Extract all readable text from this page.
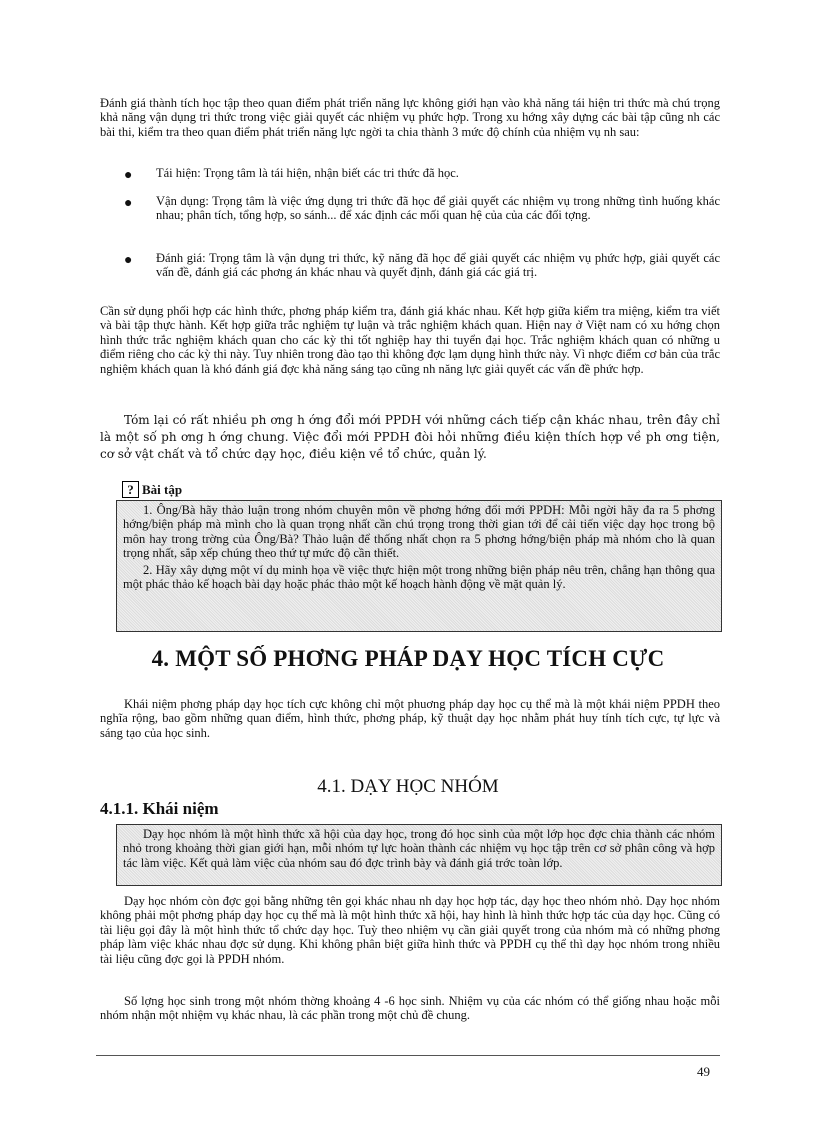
Đánh giá thành tích học tập theo quan điểm phát triển năng lực không giới hạn vào khả năng tái hiện tri thức mà chú trọng khả năng vận dụng tri thức trong việc giải quyết các nhiệm vụ phức hợp. Trong xu hớng xây dựng các bài tập cũng nh các bài thi, kiểm tra theo quan điểm phát triển năng lực ngời ta chia thành 3 mức độ chính của nhiệm vụ nh sau:

● Tái hiện: Trọng tâm là tái hiện, nhận biết các tri thức đã học.
● Vận dụng: Trọng tâm là việc ứng dụng tri thức đã học để giải quyết các nhiệm vụ trong những tình huống khác nhau; phân tích, tổng hợp, so sánh... để xác định các mối quan hệ của của các đối tợng.
● Đánh giá: Trọng tâm là vận dụng tri thức, kỹ năng đã học để giải quyết các nhiệm vụ phức hợp, giải quyết các vấn đề, đánh giá các phơng án khác nhau và quyết định, đánh giá các giá trị.

Cần sử dụng phối hợp các hình thức, phơng pháp kiểm tra, đánh giá khác nhau. Kết hợp giữa kiểm tra miệng, kiểm tra viết và bài tập thực hành. Kết hợp giữa trắc nghiệm tự luận và trắc nghiệm khách quan. Hiện nay ở Việt nam có xu hớng chọn hình thức trắc nghiệm khách quan cho các kỳ thi tốt nghiệp hay thi tuyển đại học. Trắc nghiệm khách quan có những u điểm riêng cho các kỳ thi này. Tuy nhiên trong đào tạo thì không đợc lạm dụng hình thức này. Vì nhợc điểm cơ bản của trắc nghiệm khách quan là khó đánh giá đợc khả năng sáng tạo cũng nh năng lực giải quyết các vấn đề phức hợp.

Tóm lại có rất nhiều ph ơng h ớng đổi mới PPDH với những cách tiếp cận khác nhau, trên đây chỉ là một số ph ơng h ớng chung. Việc đổi mới PPDH đòi hỏi những điều kiện thích hợp về ph ơng tiện, cơ sở vật chất và tổ chức dạy học, điều kiện về tổ chức, quản lý.

? Bài tập

1. Ông/Bà hãy thảo luận trong nhóm chuyên môn về phơng hớng đổi mới PPDH: Mỗi ngời hãy đa ra 5 phơng hớng/biện pháp mà mình cho là quan trọng nhất cần chú trọng trong thời gian tới để cải tiến việc dạy học trong bộ môn hay trong trờng của Ông/Bà? Thảo luận để thống nhất chọn ra 5 phơng hớng/biện pháp mà nhóm cho là quan trọng nhất, sắp xếp chúng theo thứ tự mức độ cần thiết.

2. Hãy xây dựng một ví dụ minh họa về việc thực hiện một trong những biện pháp nêu trên, chẳng hạn thông qua một phác thảo kế hoạch bài dạy hoặc phác thảo một kế hoạch hành động về mặt quản lý.

4. MỘT SỐ PHƠNG PHÁP DẠY HỌC TÍCH CỰC

Khái niệm phơng pháp dạy học tích cực không chỉ một phuơng pháp dạy học cụ thể mà là một khái niệm PPDH theo nghĩa rộng, bao gồm những quan điểm, hình thức, phơng pháp, kỹ thuật dạy học nhằm phát huy tính tích cực, tự lực và sáng tạo của học sinh.

4.1. DẠY HỌC NHÓM
4.1.1. Khái niệm

Dạy học nhóm là một hình thức xã hội của dạy học, trong đó học sinh của một lớp học đợc chia thành các nhóm nhỏ trong khoảng thời gian giới hạn, mỗi nhóm tự lực hoàn thành các nhiệm vụ học tập trên cơ sở phân công và hợp tác làm việc. Kết quả làm việc của nhóm sau đó đợc trình bày và đánh giá trớc toàn lớp.

Dạy học nhóm còn đợc gọi bằng những tên gọi khác nhau nh dạy học hợp tác, dạy học theo nhóm nhỏ. Dạy học nhóm không phải một phơng pháp dạy học cụ thể mà là một hình thức xã hội, hay hình là hình thức hợp tác của dạy học. Cũng có tài liệu gọi đây là một hình thức tổ chức dạy học. Tuỳ theo nhiệm vụ cần giải quyết trong của nhóm mà có những phơng pháp làm việc khác nhau đợc sử dụng. Khi không phân biệt giữa hình thức và PPDH cụ thể thì dạy học nhóm trong nhiều tài liệu cũng đợc gọi là PPDH nhóm.

Số lợng học sinh trong một nhóm thờng khoảng 4 -6 học sinh. Nhiệm vụ của các nhóm có thể giống nhau hoặc mỗi nhóm nhận một nhiệm vụ khác nhau, là các phần trong một chủ đề chung.

49
